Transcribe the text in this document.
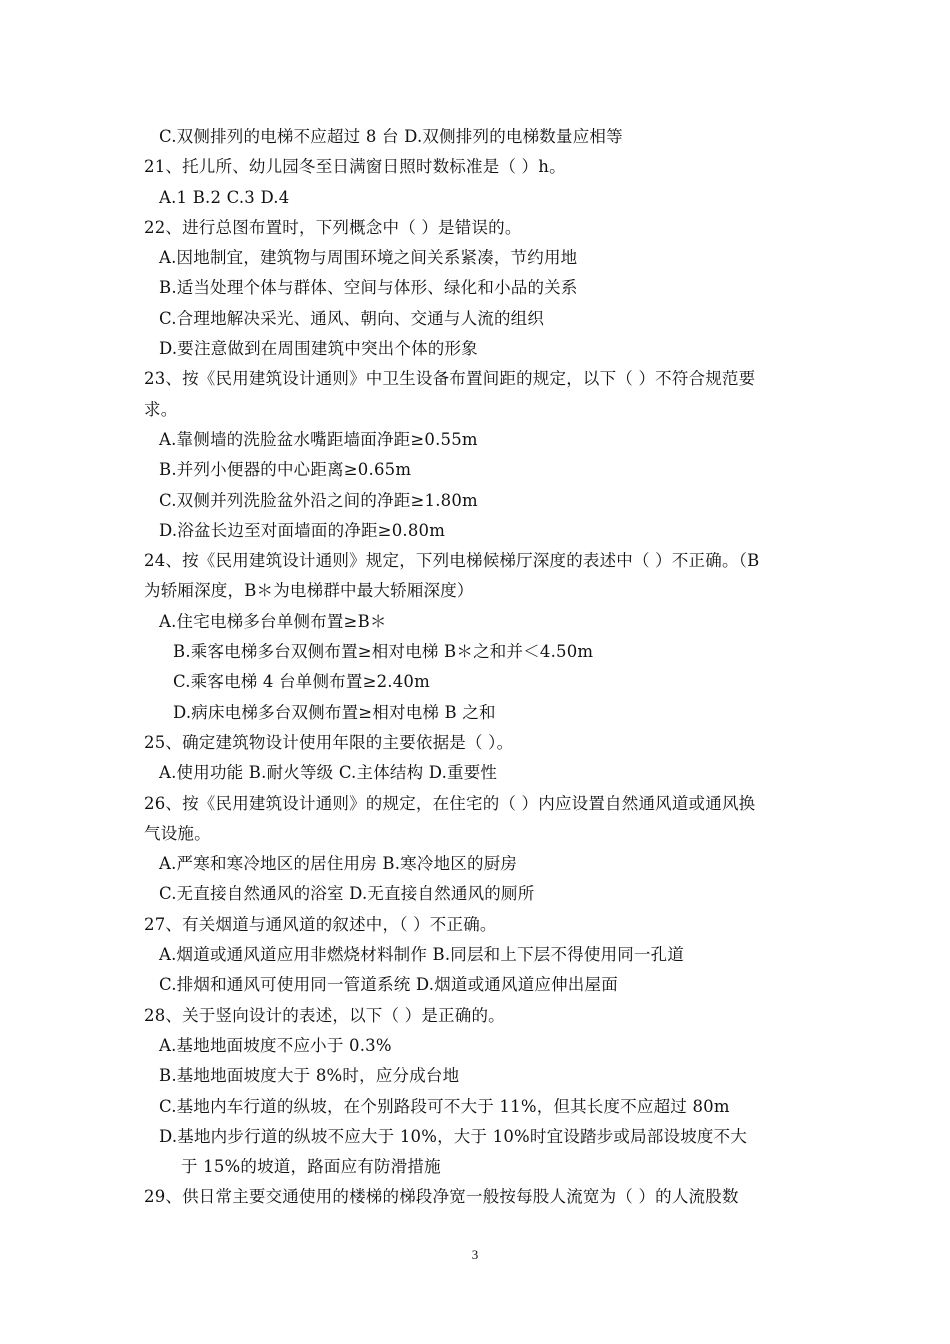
C.双侧排列的电梯不应超过 8 台 D.双侧排列的电梯数量应相等
21、托儿所、幼儿园冬至日满窗日照时数标准是（ ）h。
A.1 B.2 C.3 D.4
22、进行总图布置时，下列概念中（ ）是错误的。
A.因地制宜，建筑物与周围环境之间关系紧凑，节约用地
B.适当处理个体与群体、空间与体形、绿化和小品的关系
C.合理地解决采光、通风、朝向、交通与人流的组织
D.要注意做到在周围建筑中突出个体的形象
23、按《民用建筑设计通则》中卫生设备布置间距的规定，以下（ ）不符合规范要
求。
A.靠侧墙的洗脸盆水嘴距墙面净距≥0.55m
B.并列小便器的中心距离≥0.65m
C.双侧并列洗脸盆外沿之间的净距≥1.80m
D.浴盆长边至对面墙面的净距≥0.80m
24、按《民用建筑设计通则》规定，下列电梯候梯厅深度的表述中（ ）不正确。（B
为轿厢深度，B＊为电梯群中最大轿厢深度）
A.住宅电梯多台单侧布置≥B＊
B.乘客电梯多台双侧布置≥相对电梯 B＊之和并＜4.50m
C.乘客电梯 4 台单侧布置≥2.40m
D.病床电梯多台双侧布置≥相对电梯 B 之和
25、确定建筑物设计使用年限的主要依据是（ ）。
A.使用功能 B.耐火等级 C.主体结构 D.重要性
26、按《民用建筑设计通则》的规定，在住宅的（ ）内应设置自然通风道或通风换
气设施。
A.严寒和寒冷地区的居住用房 B.寒冷地区的厨房
C.无直接自然通风的浴室 D.无直接自然通风的厕所
27、有关烟道与通风道的叙述中，（ ）不正确。
A.烟道或通风道应用非燃烧材料制作 B.同层和上下层不得使用同一孔道
C.排烟和通风可使用同一管道系统 D.烟道或通风道应伸出屋面
28、关于竖向设计的表述，以下（ ）是正确的。
A.基地地面坡度不应小于 0.3%
B.基地地面坡度大于 8%时，应分成台地
C.基地内车行道的纵坡，在个别路段可不大于 11%，但其长度不应超过 80m
D.基地内步行道的纵坡不应大于 10%，大于 10%时宜设踏步或局部设坡度不大
于 15%的坡道，路面应有防滑措施
29、供日常主要交通使用的楼梯的梯段净宽一般按每股人流宽为（ ）的人流股数
3
